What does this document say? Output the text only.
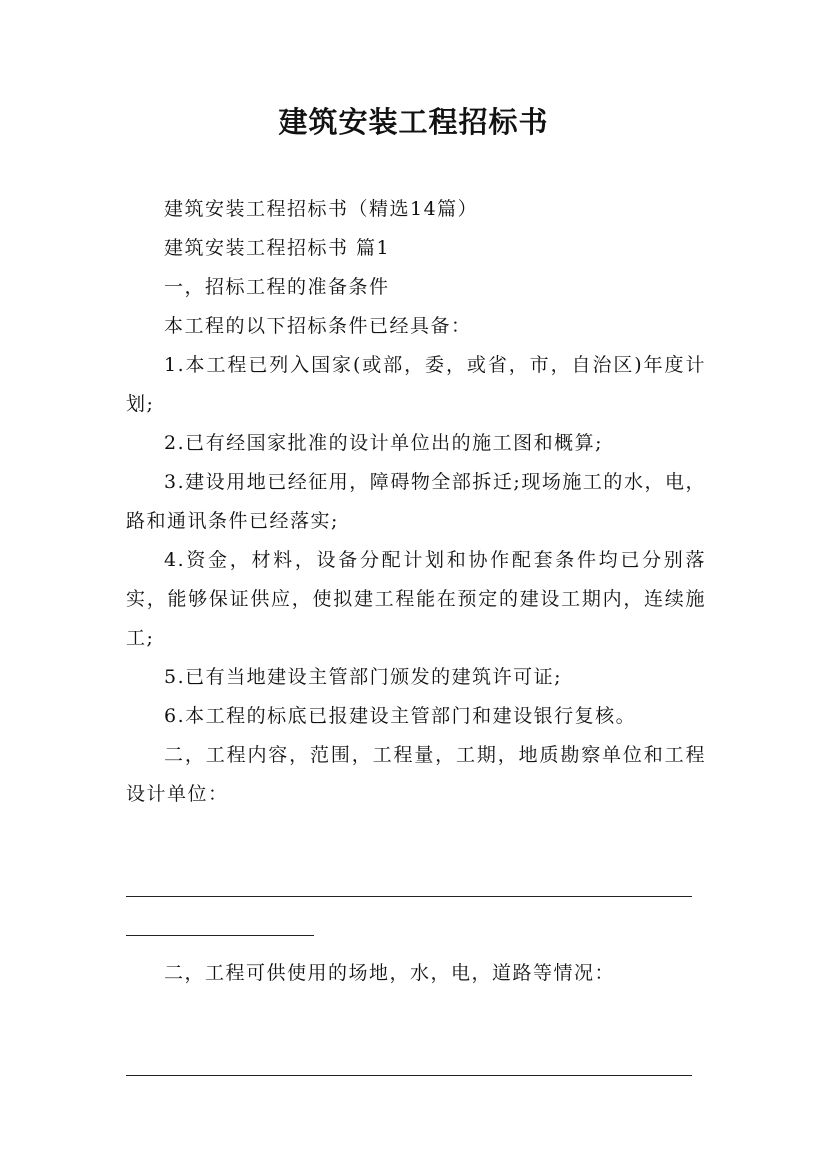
建筑安装工程招标书

建筑安装工程招标书（精选14篇）

建筑安装工程招标书 篇1

一，招标工程的准备条件

本工程的以下招标条件已经具备：

1.本工程已列入国家(或部，委，或省，市，自治区)年度计划;

2.已有经国家批准的设计单位出的施工图和概算;

3.建设用地已经征用，障碍物全部拆迁;现场施工的水，电，路和通讯条件已经落实;

4.资金，材料，设备分配计划和协作配套条件均已分别落实，能够保证供应，使拟建工程能在预定的建设工期内，连续施工;

5.已有当地建设主管部门颁发的建筑许可证;

6.本工程的标底已报建设主管部门和建设银行复核。

二，工程内容，范围，工程量，工期，地质勘察单位和工程设计单位：

二，工程可供使用的场地，水，电，道路等情况：
